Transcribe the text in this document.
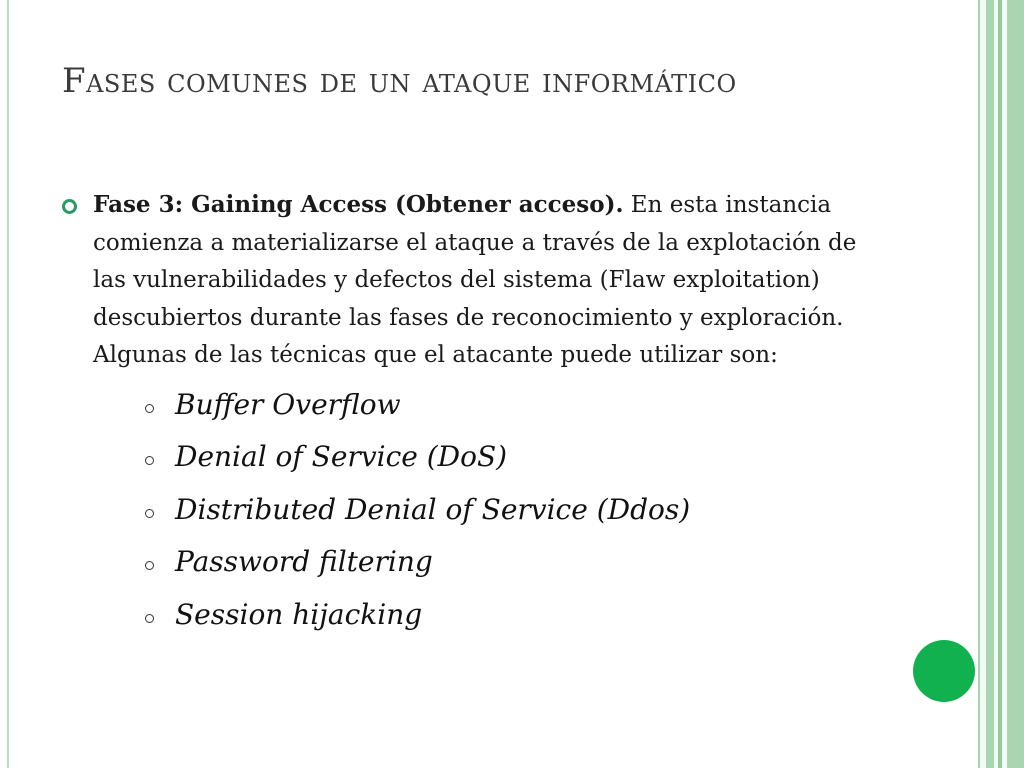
Fases comunes de un ataque informático

Fase 3: Gaining Access (Obtener acceso). En esta instancia comienza a materializarse el ataque a través de la explotación de las vulnerabilidades y defectos del sistema (Flaw exploitation) descubiertos durante las fases de reconocimiento y exploración. Algunas de las técnicas que el atacante puede utilizar son:

Buffer Overflow
Denial of Service (DoS)
Distributed Denial of Service (Ddos)
Password filtering
Session hijacking
